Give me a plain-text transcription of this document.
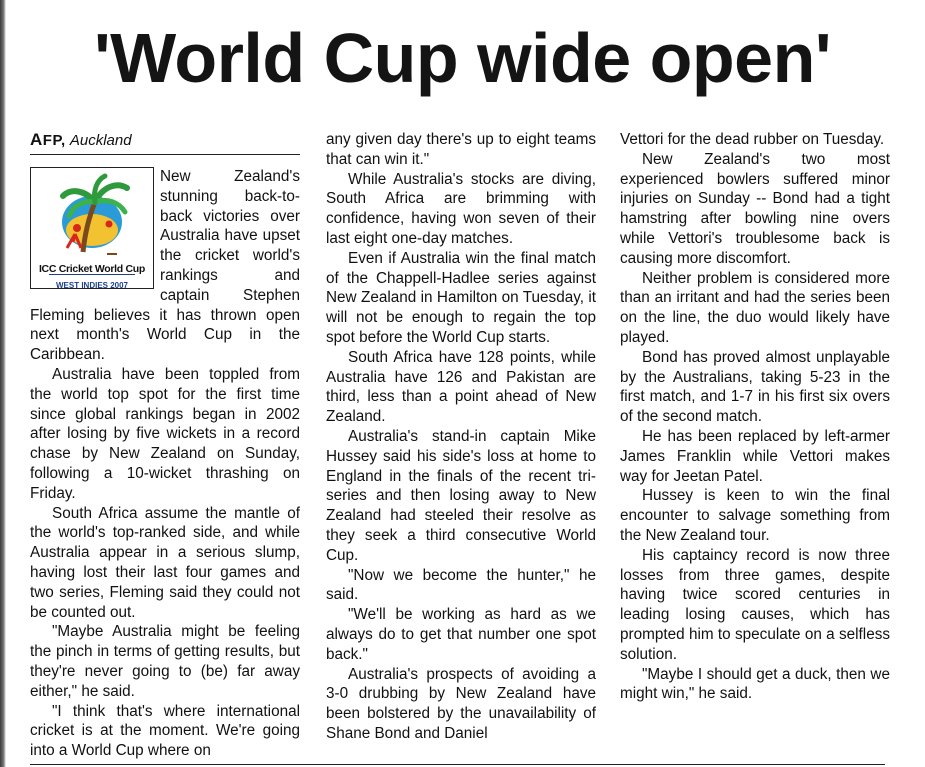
'World Cup wide open'
AFP, Auckland
ICC Cricket World Cup
WEST INDIES 2007

New Zealand's stunning back-to-back victories over Australia have upset the cricket world's rankings and captain Stephen Fleming believes it has thrown open next month's World Cup in the Caribbean.

Australia have been toppled from the world top spot for the first time since global rankings began in 2002 after losing by five wickets in a record chase by New Zealand on Sunday, following a 10-wicket thrashing on Friday.

South Africa assume the mantle of the world's top-ranked side, and while Australia appear in a serious slump, having lost their last four games and two series, Fleming said they could not be counted out.

"Maybe Australia might be feeling the pinch in terms of getting results, but they're never going to (be) far away either," he said.

"I think that's where international cricket is at the moment. We're going into a World Cup where on

any given day there's up to eight teams that can win it."

While Australia's stocks are diving, South Africa are brimming with confidence, having won seven of their last eight one-day matches.

Even if Australia win the final match of the Chappell-Hadlee series against New Zealand in Hamilton on Tuesday, it will not be enough to regain the top spot before the World Cup starts.

South Africa have 128 points, while Australia have 126 and Pakistan are third, less than a point ahead of New Zealand.

Australia's stand-in captain Mike Hussey said his side's loss at home to England in the finals of the recent tri-series and then losing away to New Zealand had steeled their resolve as they seek a third consecutive World Cup.

"Now we become the hunter," he said.

"We'll be working as hard as we always do to get that number one spot back."

Australia's prospects of avoiding a 3-0 drubbing by New Zealand have been bolstered by the unavailability of Shane Bond and Daniel

Vettori for the dead rubber on Tuesday.

New Zealand's two most experienced bowlers suffered minor injuries on Sunday -- Bond had a tight hamstring after bowling nine overs while Vettori's troublesome back is causing more discomfort.

Neither problem is considered more than an irritant and had the series been on the line, the duo would likely have played.

Bond has proved almost unplayable by the Australians, taking 5-23 in the first match, and 1-7 in his first six overs of the second match.

He has been replaced by left-armer James Franklin while Vettori makes way for Jeetan Patel.

Hussey is keen to win the final encounter to salvage something from the New Zealand tour.

His captaincy record is now three losses from three games, despite having twice scored centuries in leading losing causes, which has prompted him to speculate on a selfless solution.

"Maybe I should get a duck, then we might win," he said.
